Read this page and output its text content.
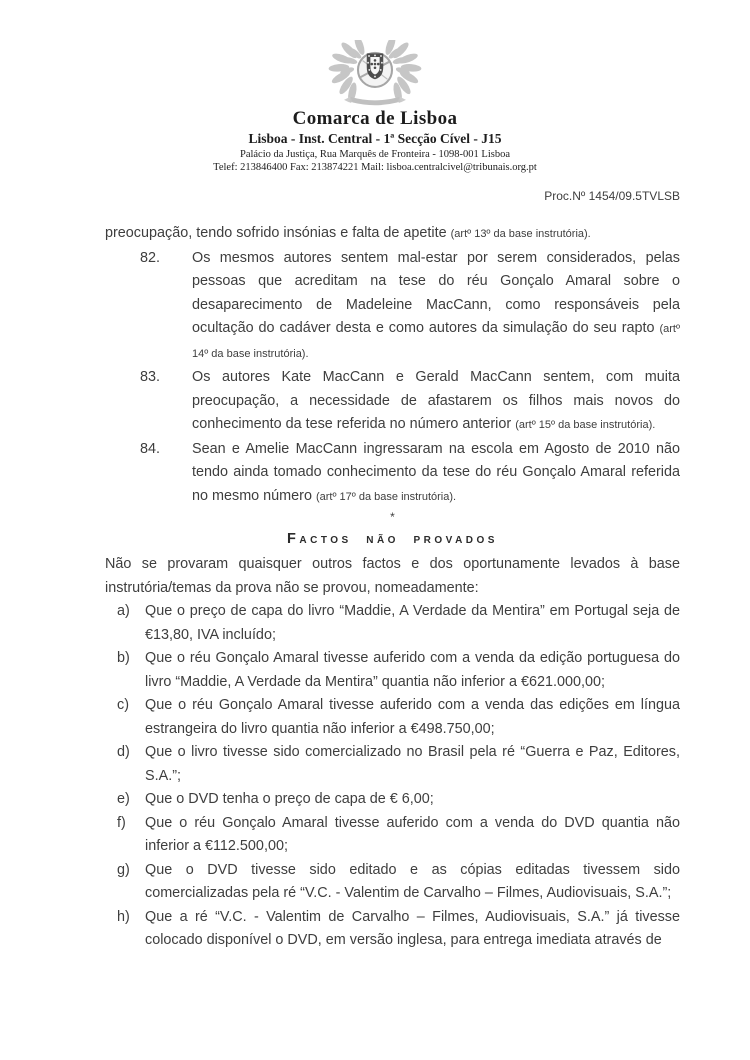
Comarca de Lisboa
Lisboa - Inst. Central - 1ª Secção Cível - J15
Palácio da Justiça, Rua Marquês de Fronteira - 1098-001 Lisboa
Telef: 213846400 Fax: 213874221 Mail: lisboa.centralcivel@tribunais.org.pt
Proc.Nº 1454/09.5TVLSB

preocupação, tendo sofrido insónias e falta de apetite (artº 13º da base instrutória).

82.	Os mesmos autores sentem mal-estar por serem considerados, pelas pessoas que acreditam na tese do réu Gonçalo Amaral sobre o desaparecimento de Madeleine MacCann, como responsáveis pela ocultação do cadáver desta e como autores da simulação do seu rapto (artº 14º da base instrutória).
83.	Os autores Kate MacCann e Gerald MacCann sentem, com muita preocupação, a necessidade de afastarem os filhos mais novos do conhecimento da tese referida no número anterior (artº 15º da base instrutória).
84.	Sean e Amelie MacCann ingressaram na escola em Agosto de 2010 não tendo ainda tomado conhecimento da tese do réu Gonçalo Amaral referida no mesmo número (artº 17º da base instrutória).
*
Factos não provados

Não se provaram quaisquer outros factos e dos oportunamente levados à base instrutória/temas da prova não se provou, nomeadamente:

a)	Que o preço de capa do livro “Maddie, A Verdade da Mentira” em Portugal seja de €13,80, IVA incluído;
b)	Que o réu Gonçalo Amaral tivesse auferido com a venda da edição portuguesa do livro “Maddie, A Verdade da Mentira” quantia não inferior a €621.000,00;
c)	Que o réu Gonçalo Amaral tivesse auferido com a venda das edições em língua estrangeira do livro quantia não inferior a €498.750,00;
d)	Que o livro tivesse sido comercializado no Brasil pela ré “Guerra e Paz, Editores, S.A.”;
e)	Que o DVD tenha o preço de capa de € 6,00;
f)	Que o réu Gonçalo Amaral tivesse auferido com a venda do DVD quantia não inferior a €112.500,00;
g)	Que o DVD tivesse sido editado e as cópias editadas tivessem sido comercializadas pela ré “V.C. - Valentim de Carvalho – Filmes, Audiovisuais, S.A.”;
h)	Que a ré “V.C. - Valentim de Carvalho – Filmes, Audiovisuais, S.A.” já tivesse colocado disponível o DVD, em versão inglesa, para entrega imediata através de
